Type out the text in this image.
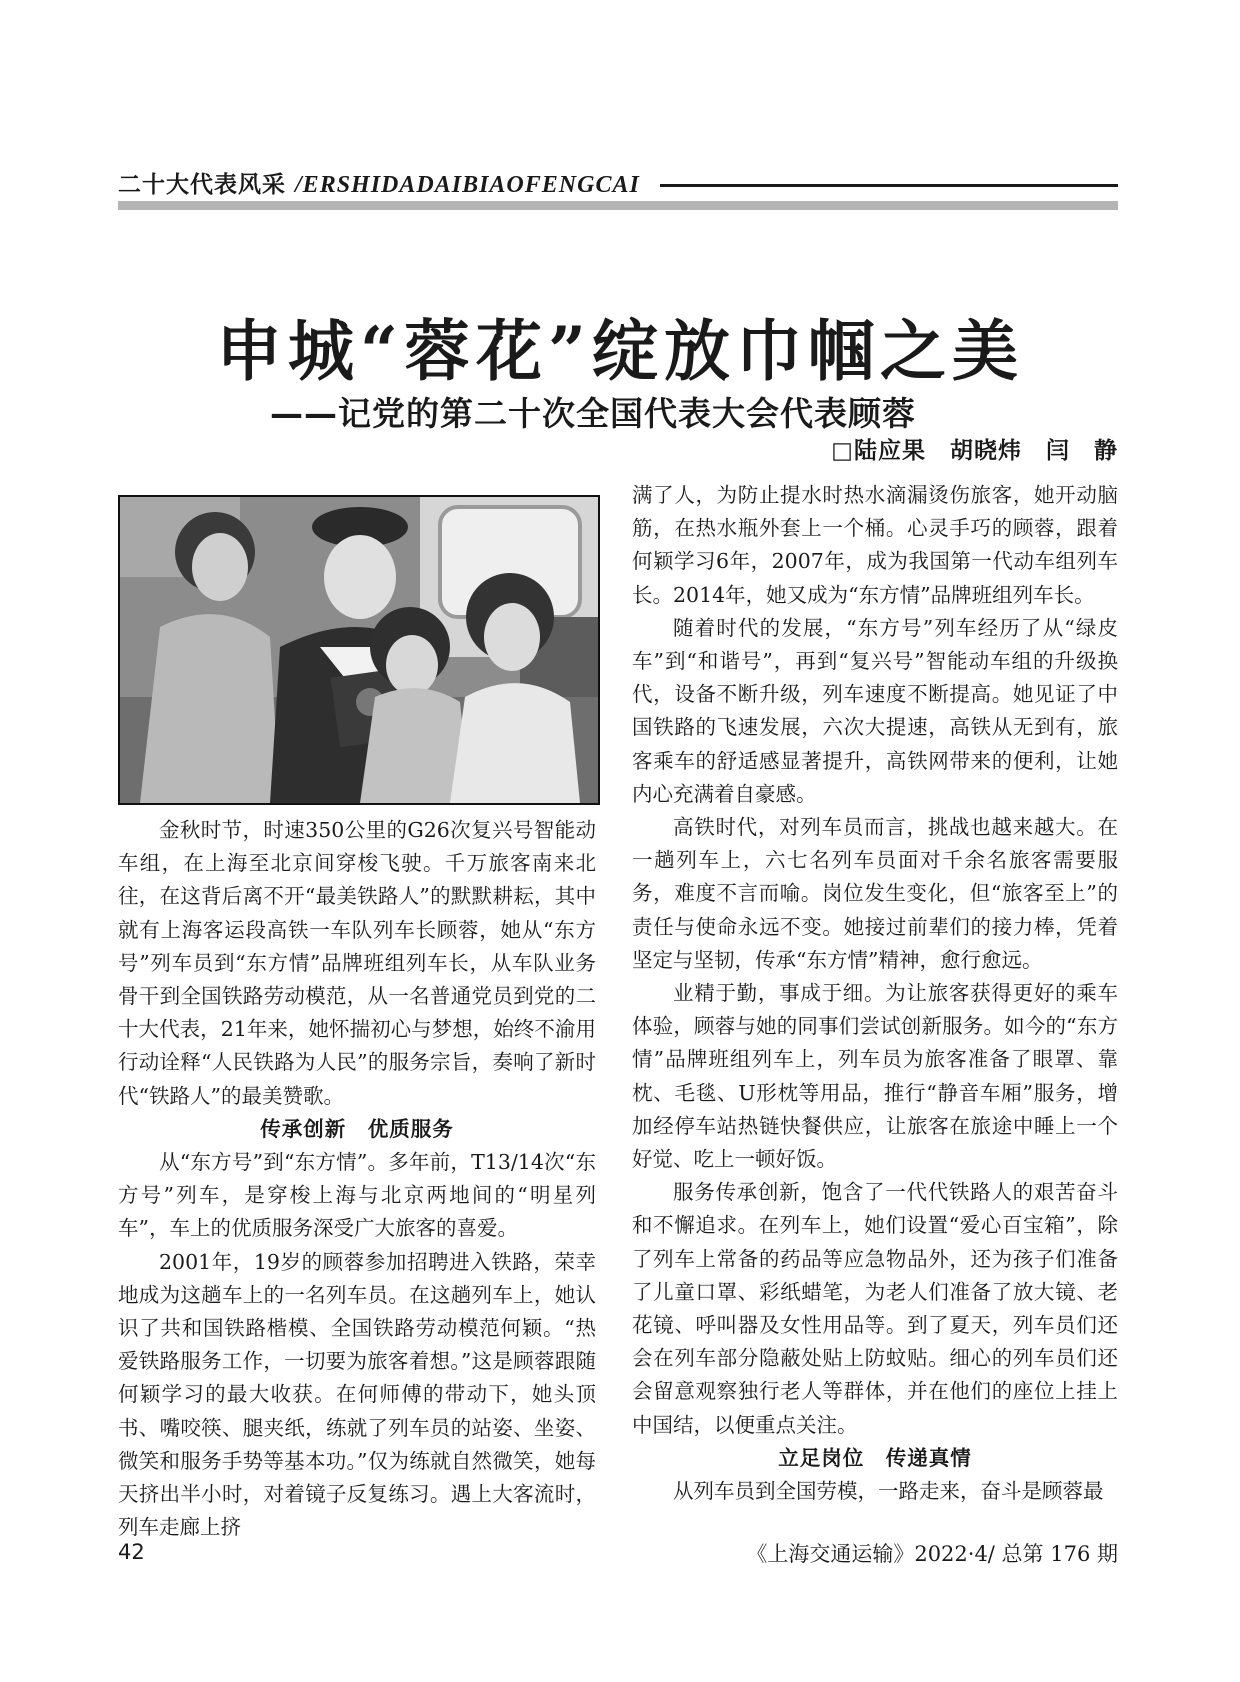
二十大代表风采 /ERSHIDADAIBIAOFENGCAI
申城“蓉花”绽放巾帼之美
——记党的第二十次全国代表大会代表顾蓉
□陆应果　胡晓炜　闫　静

金秋时节，时速350公里的G26次复兴号智能动车组，在上海至北京间穿梭飞驶。千万旅客南来北往，在这背后离不开“最美铁路人”的默默耕耘，其中就有上海客运段高铁一车队列车长顾蓉，她从“东方号”列车员到“东方情”品牌班组列车长，从车队业务骨干到全国铁路劳动模范，从一名普通党员到党的二十大代表，21年来，她怀揣初心与梦想，始终不渝用行动诠释“人民铁路为人民”的服务宗旨，奏响了新时代“铁路人”的最美赞歌。

传承创新　优质服务

从“东方号”到“东方情”。多年前，T13/14次“东方号”列车，是穿梭上海与北京两地间的“明星列车”，车上的优质服务深受广大旅客的喜爱。

2001年，19岁的顾蓉参加招聘进入铁路，荣幸地成为这趟车上的一名列车员。在这趟列车上，她认识了共和国铁路楷模、全国铁路劳动模范何颖。“热爱铁路服务工作，一切要为旅客着想。”这是顾蓉跟随何颖学习的最大收获。在何师傅的带动下，她头顶书、嘴咬筷、腿夹纸，练就了列车员的站姿、坐姿、微笑和服务手势等基本功。”仅为练就自然微笑，她每天挤出半小时，对着镜子反复练习。遇上大客流时，列车走廊上挤

满了人，为防止提水时热水滴漏烫伤旅客，她开动脑筋，在热水瓶外套上一个桶。心灵手巧的顾蓉，跟着何颖学习6年，2007年，成为我国第一代动车组列车长。2014年，她又成为“东方情”品牌班组列车长。

随着时代的发展，“东方号”列车经历了从“绿皮车”到“和谐号”，再到“复兴号”智能动车组的升级换代，设备不断升级，列车速度不断提高。她见证了中国铁路的飞速发展，六次大提速，高铁从无到有，旅客乘车的舒适感显著提升，高铁网带来的便利，让她内心充满着自豪感。

高铁时代，对列车员而言，挑战也越来越大。在一趟列车上，六七名列车员面对千余名旅客需要服务，难度不言而喻。岗位发生变化，但“旅客至上”的责任与使命永远不变。她接过前辈们的接力棒，凭着坚定与坚韧，传承“东方情”精神，愈行愈远。

业精于勤，事成于细。为让旅客获得更好的乘车体验，顾蓉与她的同事们尝试创新服务。如今的“东方情”品牌班组列车上，列车员为旅客准备了眼罩、靠枕、毛毯、U形枕等用品，推行“静音车厢”服务，增加经停车站热链快餐供应，让旅客在旅途中睡上一个好觉、吃上一顿好饭。

服务传承创新，饱含了一代代铁路人的艰苦奋斗和不懈追求。在列车上，她们设置“爱心百宝箱”，除了列车上常备的药品等应急物品外，还为孩子们准备了儿童口罩、彩纸蜡笔，为老人们准备了放大镜、老花镜、呼叫器及女性用品等。到了夏天，列车员们还会在列车部分隐蔽处贴上防蚊贴。细心的列车员们还会留意观察独行老人等群体，并在他们的座位上挂上中国结，以便重点关注。

立足岗位　传递真情

从列车员到全国劳模，一路走来，奋斗是顾蓉最

42	《上海交通运输》2022·4/ 总第 176 期
